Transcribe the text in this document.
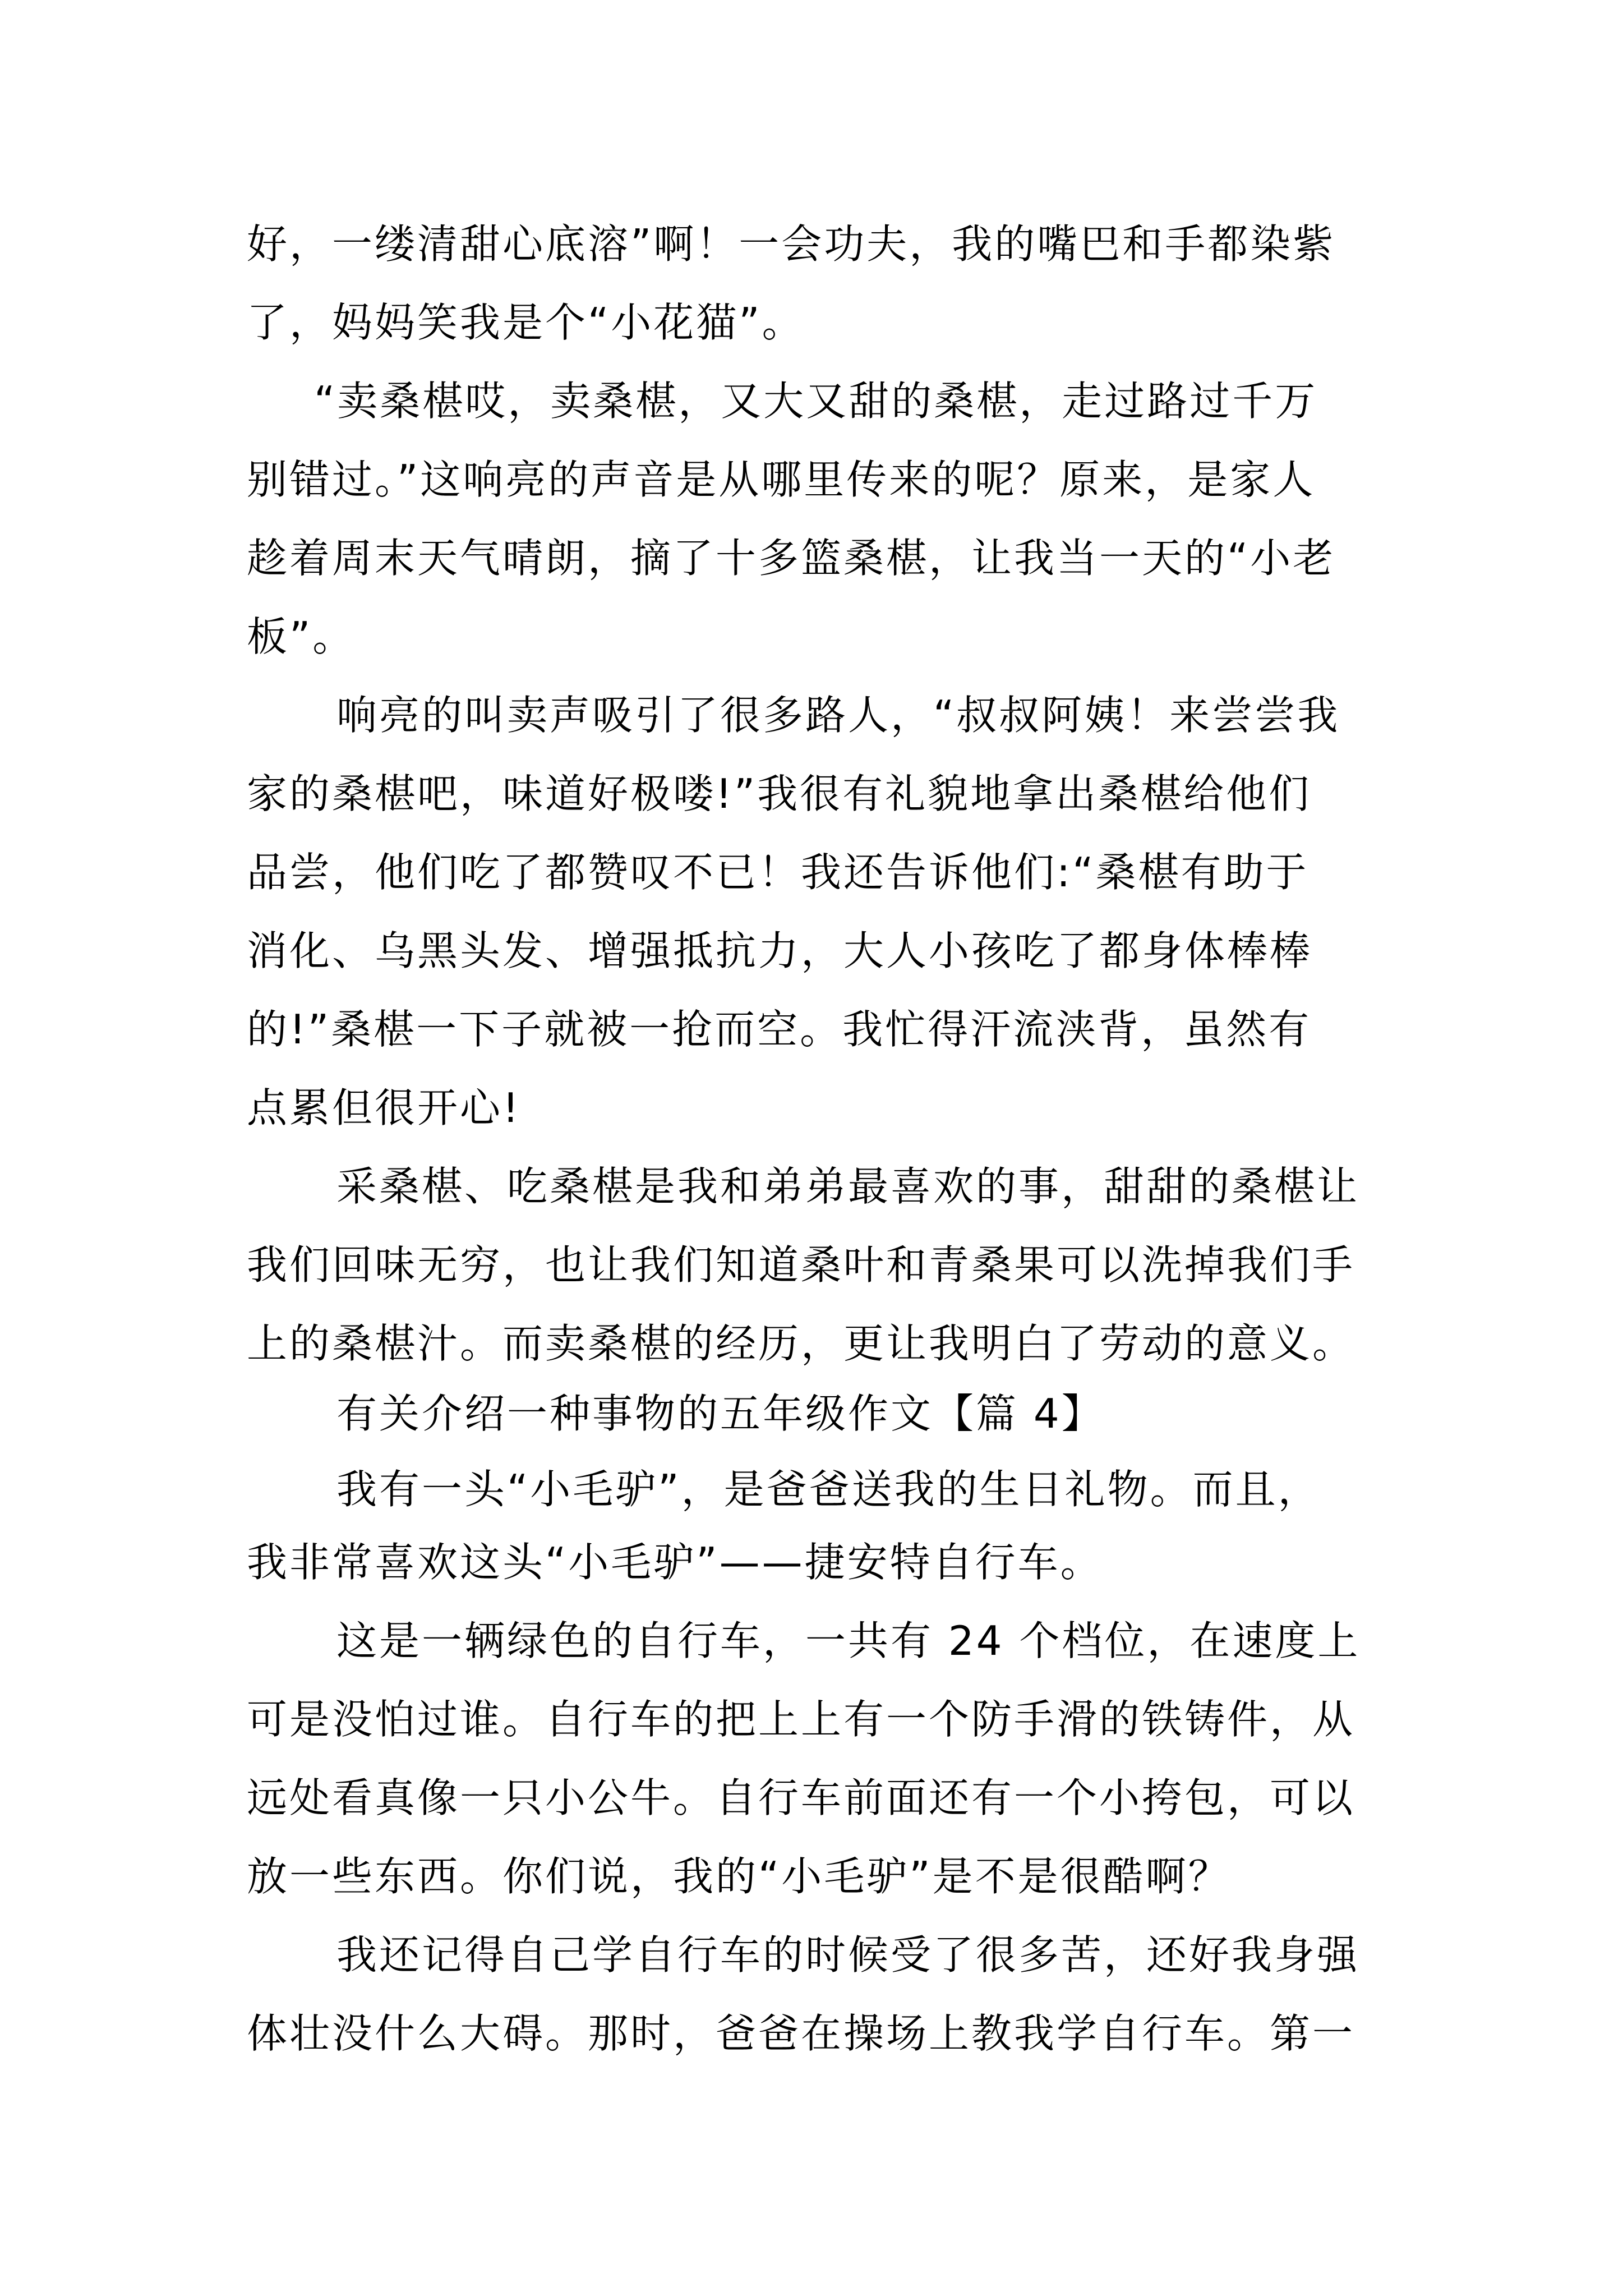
好，一缕清甜心底溶”啊！一会功夫，我的嘴巴和手都染紫
了，妈妈笑我是个“小花猫”。
“卖桑椹哎，卖桑椹，又大又甜的桑椹，走过路过千万
别错过。”这响亮的声音是从哪里传来的呢？原来，是家人
趁着周末天气晴朗，摘了十多篮桑椹，让我当一天的“小老
板”。
响亮的叫卖声吸引了很多路人，“叔叔阿姨！来尝尝我
家的桑椹吧，味道好极喽!”我很有礼貌地拿出桑椹给他们
品尝，他们吃了都赞叹不已！我还告诉他们:“桑椹有助于
消化、乌黑头发、增强抵抗力，大人小孩吃了都身体棒棒
的!”桑椹一下子就被一抢而空。我忙得汗流浃背，虽然有
点累但很开心!
采桑椹、吃桑椹是我和弟弟最喜欢的事，甜甜的桑椹让
我们回味无穷，也让我们知道桑叶和青桑果可以洗掉我们手
上的桑椹汁。而卖桑椹的经历，更让我明白了劳动的意义。
有关介绍一种事物的五年级作文【篇 4】
我有一头“小毛驴”，是爸爸送我的生日礼物。而且，
我非常喜欢这头“小毛驴”——捷安特自行车。
这是一辆绿色的自行车，一共有 24 个档位，在速度上
可是没怕过谁。自行车的把上上有一个防手滑的铁铸件，从
远处看真像一只小公牛。自行车前面还有一个小挎包，可以
放一些东西。你们说，我的“小毛驴”是不是很酷啊？
我还记得自己学自行车的时候受了很多苦，还好我身强
体壮没什么大碍。那时，爸爸在操场上教我学自行车。第一
